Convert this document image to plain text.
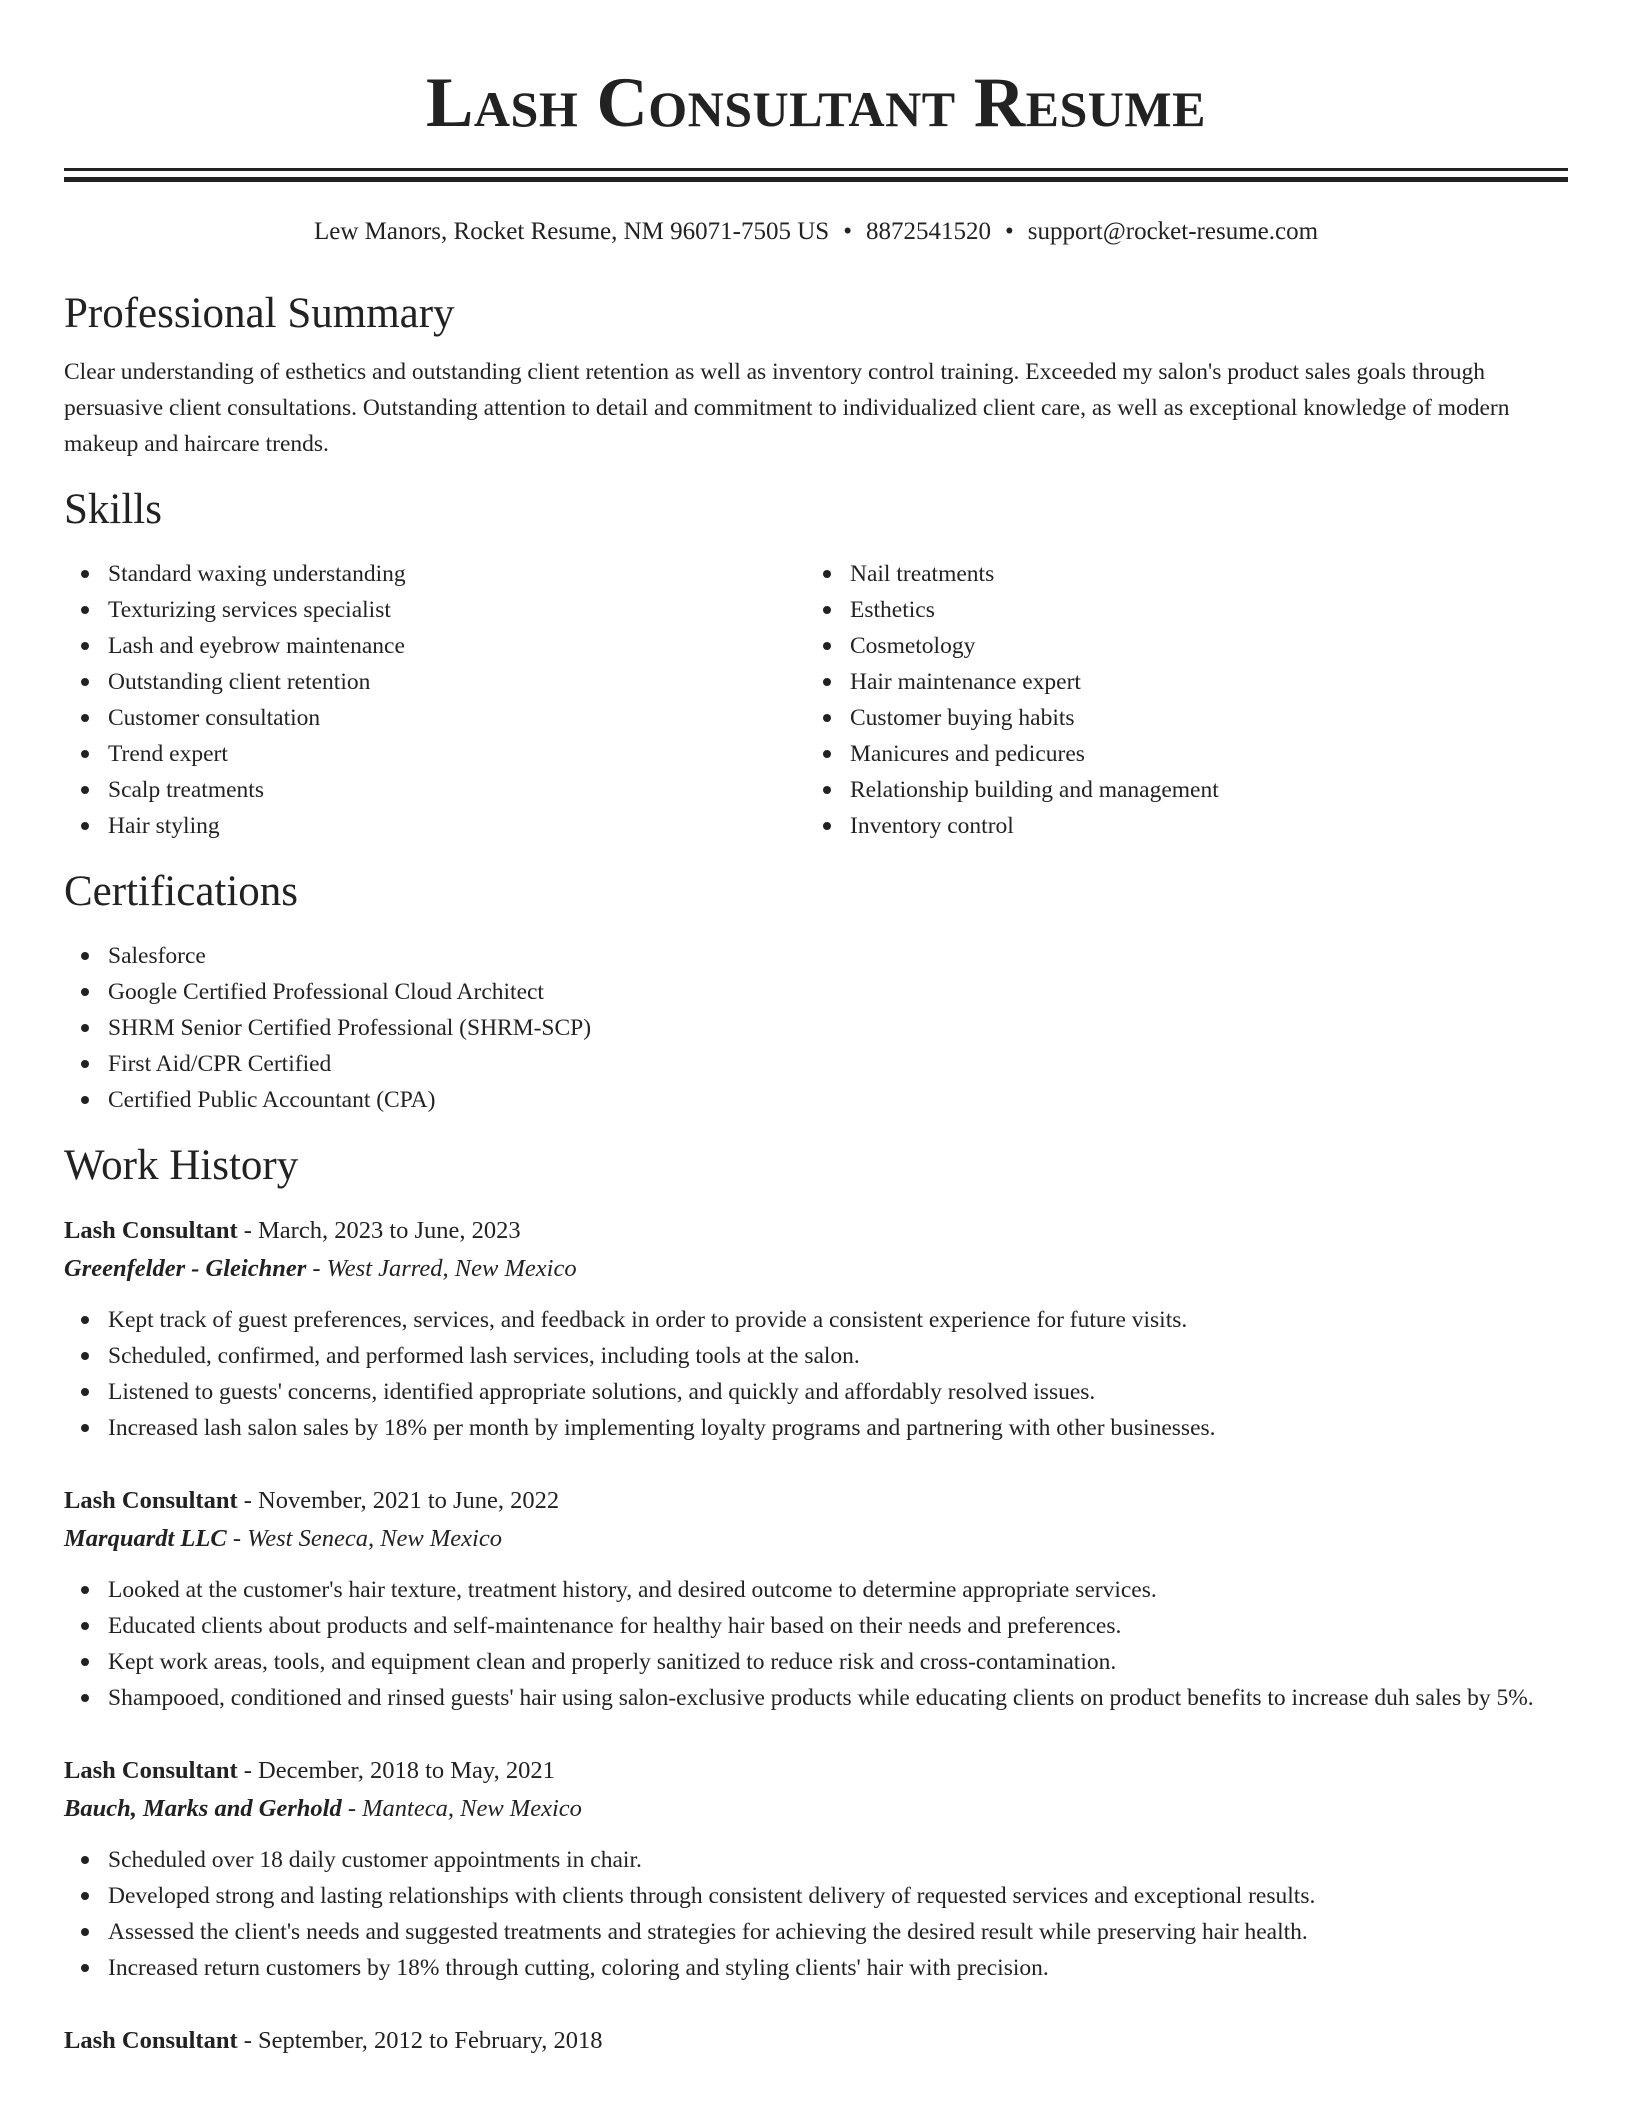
Lash Consultant Resume
Lew Manors, Rocket Resume, NM 96071-7505 US • 8872541520 • support@rocket-resume.com
Professional Summary

Clear understanding of esthetics and outstanding client retention as well as inventory control training. Exceeded my salon's product sales goals through persuasive client consultations. Outstanding attention to detail and commitment to individualized client care, as well as exceptional knowledge of modern makeup and haircare trends.

Skills
Standard waxing understanding
Texturizing services specialist
Lash and eyebrow maintenance
Outstanding client retention
Customer consultation
Trend expert
Scalp treatments
Hair styling
Nail treatments
Esthetics
Cosmetology
Hair maintenance expert
Customer buying habits
Manicures and pedicures
Relationship building and management
Inventory control
Certifications
Salesforce
Google Certified Professional Cloud Architect
SHRM Senior Certified Professional (SHRM-SCP)
First Aid/CPR Certified
Certified Public Accountant (CPA)
Work History
Lash Consultant - March, 2023 to June, 2023
Greenfelder - Gleichner - West Jarred, New Mexico
Kept track of guest preferences, services, and feedback in order to provide a consistent experience for future visits.
Scheduled, confirmed, and performed lash services, including tools at the salon.
Listened to guests' concerns, identified appropriate solutions, and quickly and affordably resolved issues.
Increased lash salon sales by 18% per month by implementing loyalty programs and partnering with other businesses.
Lash Consultant - November, 2021 to June, 2022
Marquardt LLC - West Seneca, New Mexico
Looked at the customer's hair texture, treatment history, and desired outcome to determine appropriate services.
Educated clients about products and self-maintenance for healthy hair based on their needs and preferences.
Kept work areas, tools, and equipment clean and properly sanitized to reduce risk and cross-contamination.
Shampooed, conditioned and rinsed guests' hair using salon-exclusive products while educating clients on product benefits to increase duh sales by 5%.
Lash Consultant - December, 2018 to May, 2021
Bauch, Marks and Gerhold - Manteca, New Mexico
Scheduled over 18 daily customer appointments in chair.
Developed strong and lasting relationships with clients through consistent delivery of requested services and exceptional results.
Assessed the client's needs and suggested treatments and strategies for achieving the desired result while preserving hair health.
Increased return customers by 18% through cutting, coloring and styling clients' hair with precision.
Lash Consultant - September, 2012 to February, 2018
